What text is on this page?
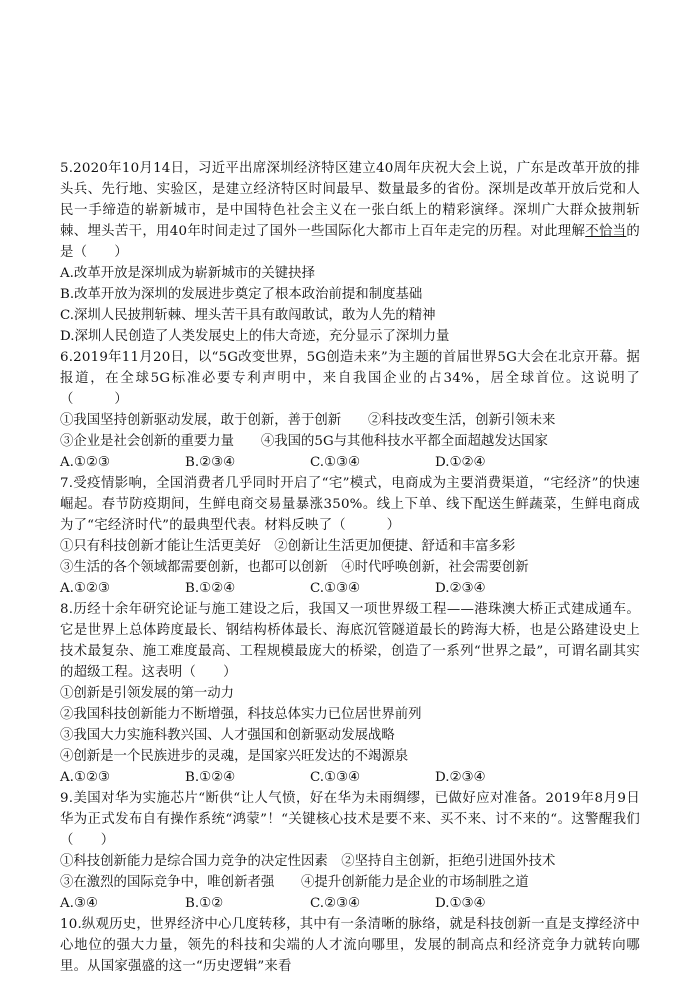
5.2020年10月14日，习近平出席深圳经济特区建立40周年庆祝大会上说，广东是改革开放的排头兵、先行地、实验区，是建立经济特区时间最早、数量最多的省份。深圳是改革开放后党和人民一手缔造的崭新城市，是中国特色社会主义在一张白纸上的精彩演绎。深圳广大群众披荆斩棘、埋头苦干，用40年时间走过了国外一些国际化大都市上百年走完的历程。对此理解不恰当的是（　　）

A.改革开放是深圳成为崭新城市的关键抉择

B.改革开放为深圳的发展进步奠定了根本政治前提和制度基础

C.深圳人民披荆斩棘、埋头苦干具有敢闯敢试，敢为人先的精神

D.深圳人民创造了人类发展史上的伟大奇迹，充分显示了深圳力量

6.2019年11月20日，以“5G改变世界，5G创造未来”为主题的首届世界5G大会在北京开幕。据报道，在全球5G标准必要专利声明中，来自我国企业的占34%，居全球首位。这说明了（　　　）

①我国坚持创新驱动发展，敢于创新，善于创新　　②科技改变生活，创新引领未来

③企业是社会创新的重要力量　　④我国的5G与其他科技水平都全面超越发达国家

A.①②③	B.②③④	C.①③④	D.①②④

7.受疫情影响，全国消费者几乎同时开启了“宅”模式，电商成为主要消费渠道，“宅经济”的快速崛起。春节防疫期间，生鲜电商交易量暴涨350%。线上下单、线下配送生鲜蔬菜，生鲜电商成为了“宅经济时代”的最典型代表。材料反映了（　　　）

①只有科技创新才能让生活更美好　②创新让生活更加便捷、舒适和丰富多彩

③生活的各个领域都需要创新，也都可以创新　④时代呼唤创新，社会需要创新

A.①②③	B.①②④	C.①③④	D.②③④

8.历经十余年研究论证与施工建设之后，我国又一项世界级工程——港珠澳大桥正式建成通车。它是世界上总体跨度最长、钢结构桥体最长、海底沉管隧道最长的跨海大桥，也是公路建设史上技术最复杂、施工难度最高、工程规模最庞大的桥梁，创造了一系列“世界之最”，可谓名副其实的超级工程。这表明（　　）

①创新是引领发展的第一动力

②我国科技创新能力不断增强，科技总体实力已位居世界前列

③我国大力实施科教兴国、人才强国和创新驱动发展战略

④创新是一个民族进步的灵魂，是国家兴旺发达的不竭源泉

A.①②③	B.①②④	C.①③④	D.②③④

9.美国对华为实施芯片“断供“让人气愤，好在华为未雨绸缪，已做好应对准备。2019年8月9日华为正式发布自有操作系统“鸿蒙”！“关键核心技术是要不来、买不来、讨不来的“。这警醒我们（　　）

①科技创新能力是综合国力竞争的决定性因素　②坚持自主创新，拒绝引进国外技术

③在激烈的国际竞争中，唯创新者强　　④提升创新能力是企业的市场制胜之道

A.③④	B.①②	C.②③④	D.①③④

10.纵观历史，世界经济中心几度转移，其中有一条清晰的脉络，就是科技创新一直是支撑经济中心地位的强大力量，领先的科技和尖端的人才流向哪里，发展的制高点和经济竞争力就转向哪里。从国家强盛的这一“历史逻辑”来看
